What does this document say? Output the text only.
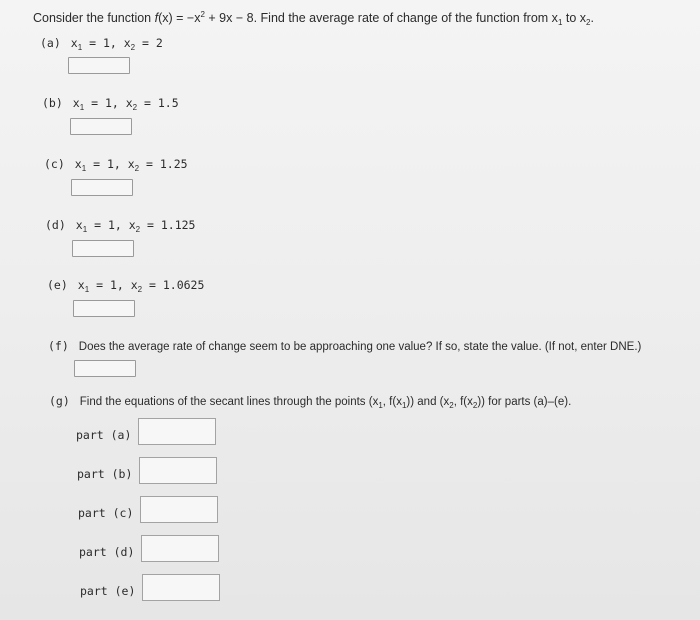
Consider the function $f(x) = -x^2 + 9x - 8$. Find the average rate of change of the function from $x_1$ to $x_2$.
(a) $x_1 = 1$, $x_2 = 2$
(b) $x_1 = 1$, $x_2 = 1.5$
(c) $x_1 = 1$, $x_2 = 1.25$
(d) $x_1 = 1$, $x_2 = 1.125$
(e) $x_1 = 1$, $x_2 = 1.0625$
(f) Does the average rate of change seem to be approaching one value? If so, state the value. (If not, enter DNE.)
(g) Find the equations of the secant lines through the points ($x_1$, $f(x_1)$) and ($x_2$, $f(x_2)$) for parts (a)–(e).
part (a)
part (b)
part (c)
part (d)
part (e)
